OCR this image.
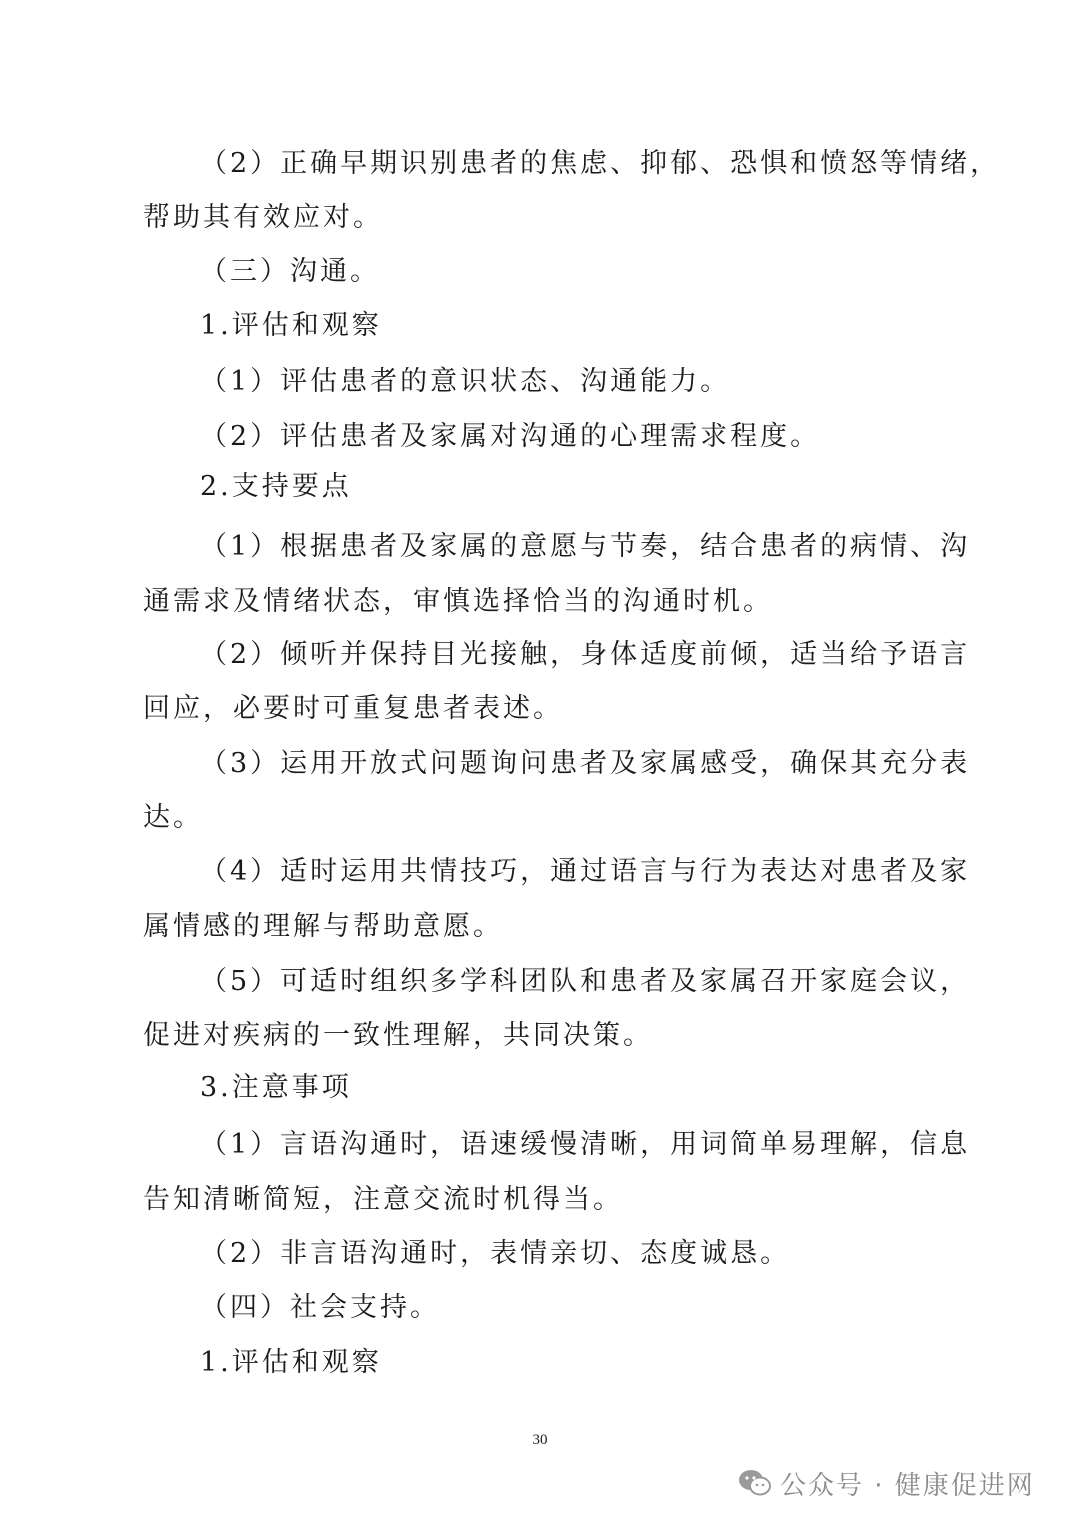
（2）正确早期识别患者的焦虑、抑郁、恐惧和愤怒等情绪，
帮助其有效应对。
（三）沟通。
1.评估和观察
（1）评估患者的意识状态、沟通能力。
（2）评估患者及家属对沟通的心理需求程度。
2.支持要点
（1）根据患者及家属的意愿与节奏，结合患者的病情、沟
通需求及情绪状态，审慎选择恰当的沟通时机。
（2）倾听并保持目光接触，身体适度前倾，适当给予语言
回应，必要时可重复患者表述。
（3）运用开放式问题询问患者及家属感受，确保其充分表
达。
（4）适时运用共情技巧，通过语言与行为表达对患者及家
属情感的理解与帮助意愿。
（5）可适时组织多学科团队和患者及家属召开家庭会议，
促进对疾病的一致性理解，共同决策。
3.注意事项
（1）言语沟通时，语速缓慢清晰，用词简单易理解，信息
告知清晰简短，注意交流时机得当。
（2）非言语沟通时，表情亲切、态度诚恳。
（四）社会支持。
1.评估和观察
30
公众号 · 健康促进网
